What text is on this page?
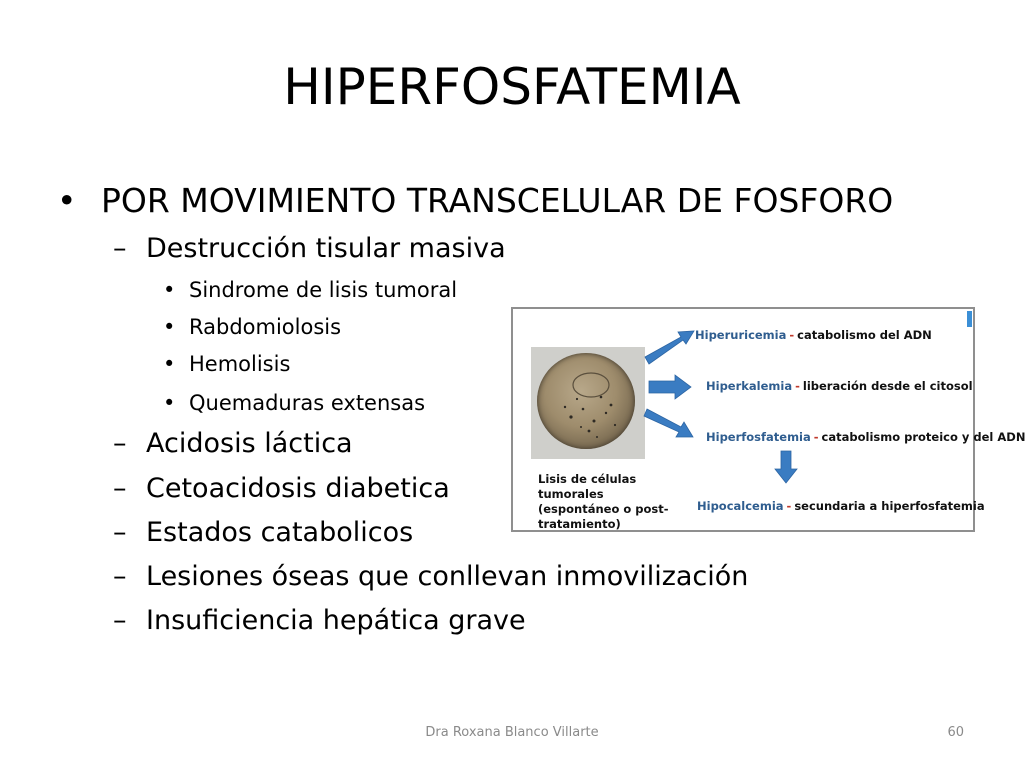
HIPERFOSFATEMIA
• POR MOVIMIENTO TRANSCELULAR DE FOSFORO
– Destrucción tisular masiva
• Sindrome de lisis tumoral
• Rabdomiolosis
• Hemolisis
• Quemaduras extensas
– Acidosis láctica
– Cetoacidosis diabetica
– Estados catabolicos
– Lesiones óseas que conllevan inmovilización
– Insuficiencia hepática grave
Lisis de células tumorales
(espontáneo o post-
tratamiento)
Hiperuricemia - catabolismo del ADN
Hiperkalemia - liberación desde el citosol
Hiperfosfatemia - catabolismo proteico y del ADN
Hipocalcemia - secundaria a hiperfosfatemia
Dra Roxana Blanco Villarte	60
